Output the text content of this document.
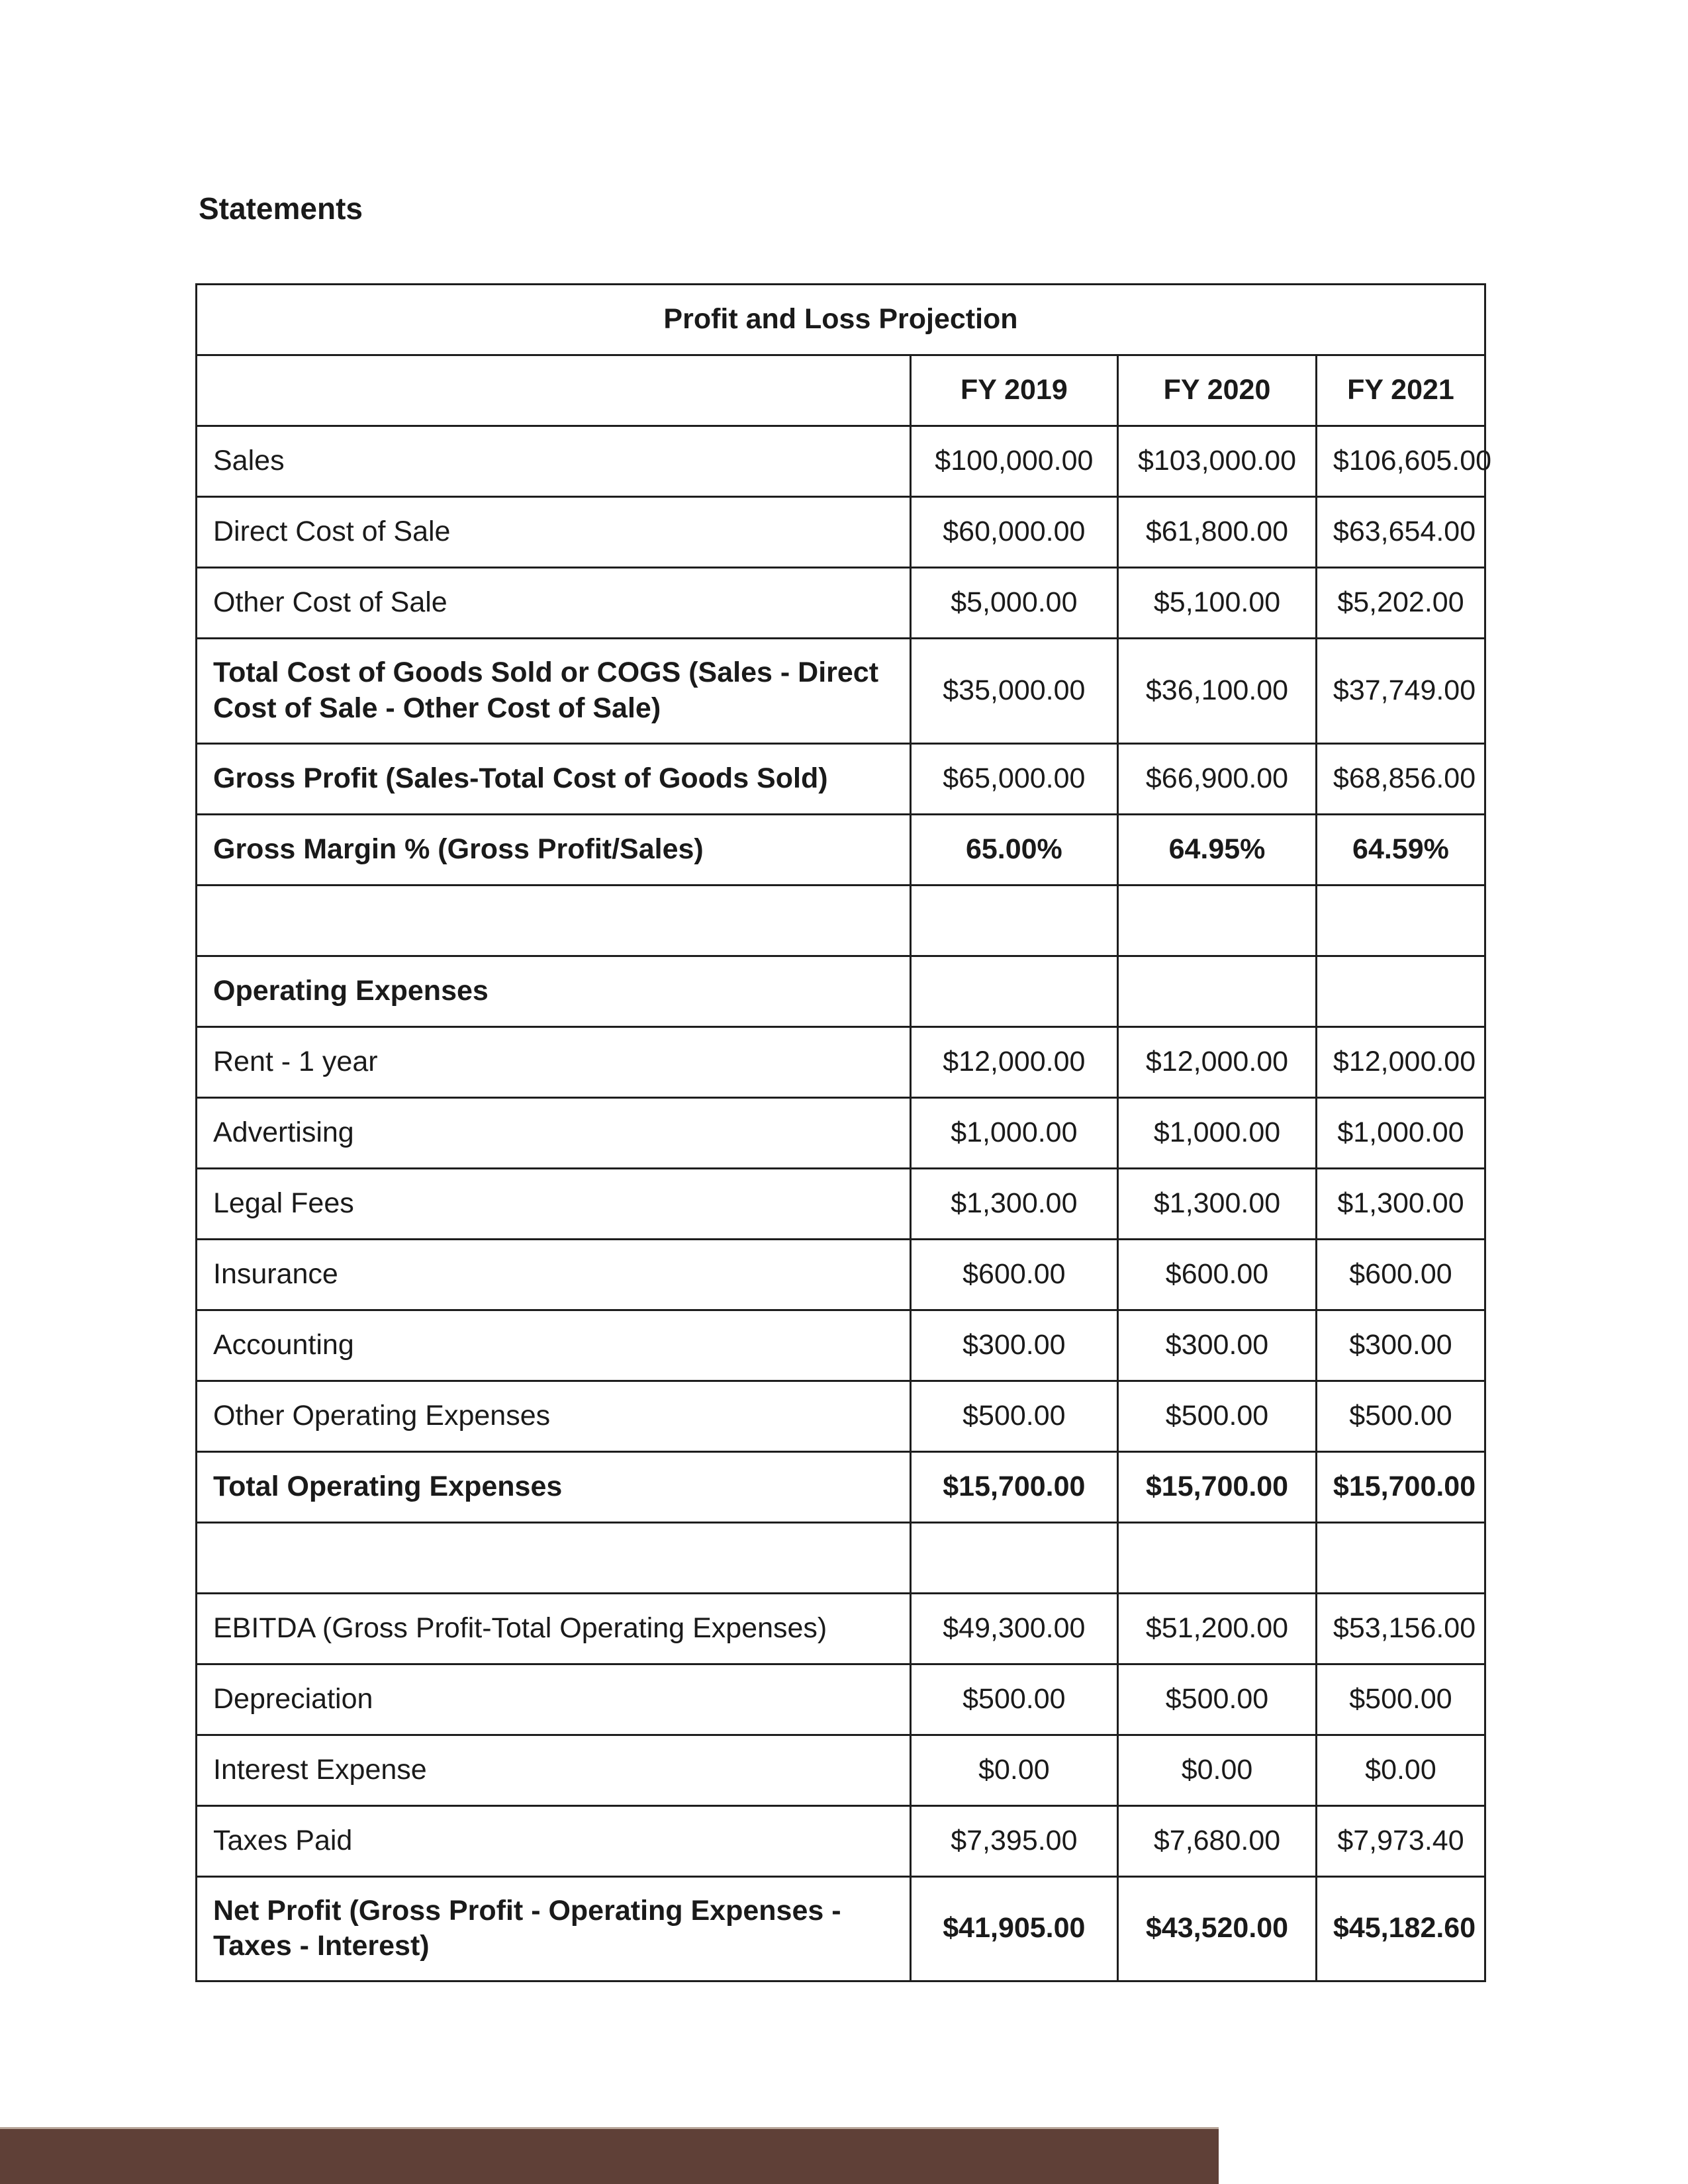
Statements
Profit and Loss Projection			
	FY 2019	FY 2020	FY 2021
Sales	$100,000.00	$103,000.00	$106,605.00
Direct Cost of Sale	$60,000.00	$61,800.00	$63,654.00
Other Cost of Sale	$5,000.00	$5,100.00	$5,202.00
Total Cost of Goods Sold or COGS (Sales - Direct Cost of Sale - Other Cost of Sale)	$35,000.00	$36,100.00	$37,749.00
Gross Profit (Sales-Total Cost of Goods Sold)	$65,000.00	$66,900.00	$68,856.00
Gross Margin % (Gross Profit/Sales)	65.00%	64.95%	64.59%

Operating Expenses			
Rent - 1 year	$12,000.00	$12,000.00	$12,000.00
Advertising	$1,000.00	$1,000.00	$1,000.00
Legal Fees	$1,300.00	$1,300.00	$1,300.00
Insurance	$600.00	$600.00	$600.00
Accounting	$300.00	$300.00	$300.00
Other Operating Expenses	$500.00	$500.00	$500.00
Total Operating Expenses	$15,700.00	$15,700.00	$15,700.00

EBITDA (Gross Profit-Total Operating Expenses)	$49,300.00	$51,200.00	$53,156.00
Depreciation	$500.00	$500.00	$500.00
Interest Expense	$0.00	$0.00	$0.00
Taxes Paid	$7,395.00	$7,680.00	$7,973.40
Net Profit (Gross Profit - Operating Expenses - Taxes - Interest)	$41,905.00	$43,520.00	$45,182.60
